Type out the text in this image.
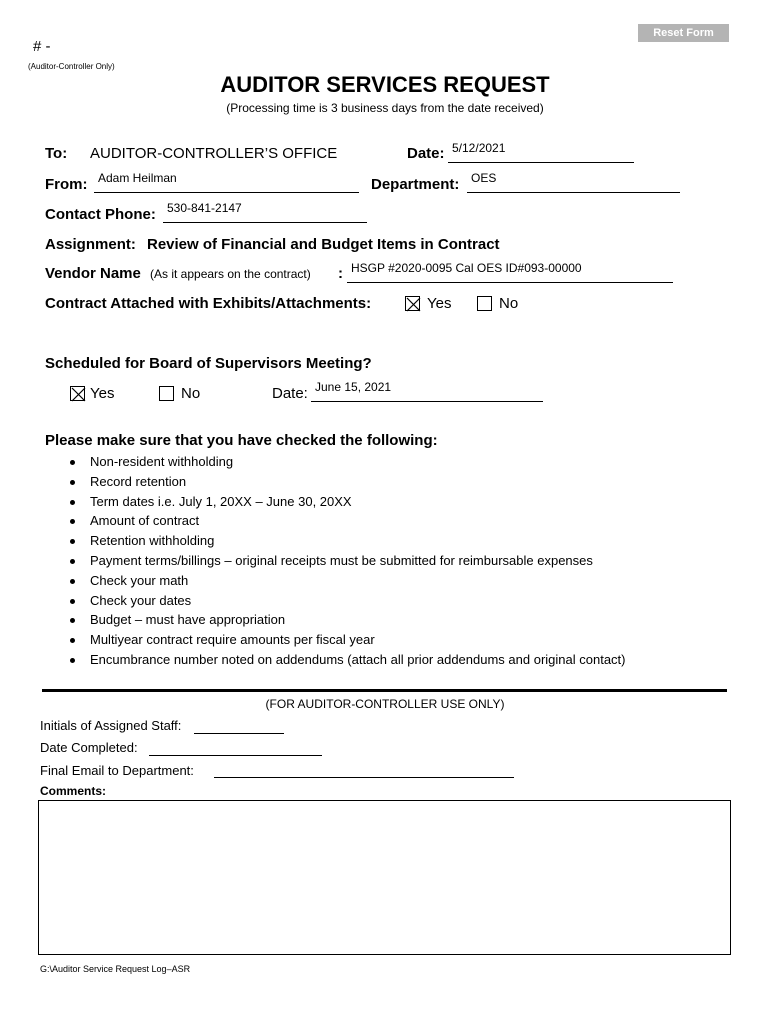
Reset Form
# -
(Auditor-Controller Only)
AUDITOR SERVICES REQUEST
(Processing time is 3 business days from the date received)
To: AUDITOR-CONTROLLER’S OFFICE	Date: 5/12/2021
From: Adam Heilman	Department: OES
Contact Phone: 530-841-2147
Assignment: Review of Financial and Budget Items in Contract
Vendor Name (As it appears on the contract) : HSGP #2020-0095 Cal OES ID#093-00000
Contract Attached with Exhibits/Attachments:	Yes	No
Scheduled for Board of Supervisors Meeting?
Yes	No	Date: June 15, 2021
Please make sure that you have checked the following:
Non-resident withholding
Record retention
Term dates i.e. July 1, 20XX – June 30, 20XX
Amount of contract
Retention withholding
Payment terms/billings – original receipts must be submitted for reimbursable expenses
Check your math
Check your dates
Budget – must have appropriation
Multiyear contract require amounts per fiscal year
Encumbrance number noted on addendums (attach all prior addendums and original contact)
(FOR AUDITOR-CONTROLLER USE ONLY)
Initials of Assigned Staff:
Date Completed:
Final Email to Department:
Comments:
G:\Auditor Service Request Log–ASR
